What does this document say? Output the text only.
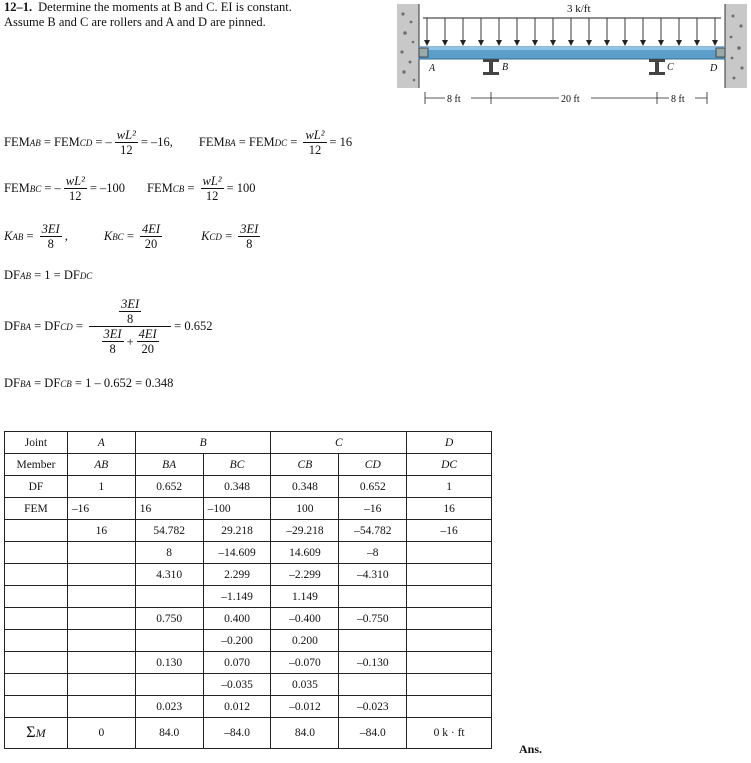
12–1. Determine the moments at B and C. EI is constant.
Assume B and C are rollers and A and D are pinned.
3 k/ft
A	B	C	D
8 ft	20 ft	8 ft
FEM AB = FEM CD = – $\frac{\text{wL²}}{12} = -16$, FEM BA = FEM DC = $\frac{\text{wL²}}{12} = 16$
FEM BC = – $\frac{\text{wL²}}{12} = -100$ FEM CB = $\frac{\text{wL²}}{12} = 100$
K AB = $\frac{3EI}{8}$ ,	K BC = $\frac{4EI}{20}$	K CD = $\frac{3EI}{8}$
DF AB
= 1 = DF DC
DF BA = DF CD = $\frac{\frac{3EI}{8}}{\frac{3EI}{8} + \frac{4EI}{20}} = 0.652$
DF BA = DF CB
= 1 – 0.652 = 0.348
Joint	A	B		C		D
Member	AB	BA	BC	CB	CD	DC
DF	1	0.652	0.348	0.348	0.652	1
FEM	–16	16	–100	100	–16	16
	16	54.782	29.218	–29.218	–54.782	–16
		8	–14.609	14.609	–8	
		4.310	2.299	–2.299	–4.310	
			–1.149	1.149		
		0.750	0.400	–0.400	–0.750	
			–0.200	0.200		
		0.130	0.070	–0.070	–0.130	
			–0.035	0.035		
		0.023	0.012	–0.012	–0.023	
ΣM	0	84.0	–84.0	84.0	–84.0	0 k · ft
Ans.
